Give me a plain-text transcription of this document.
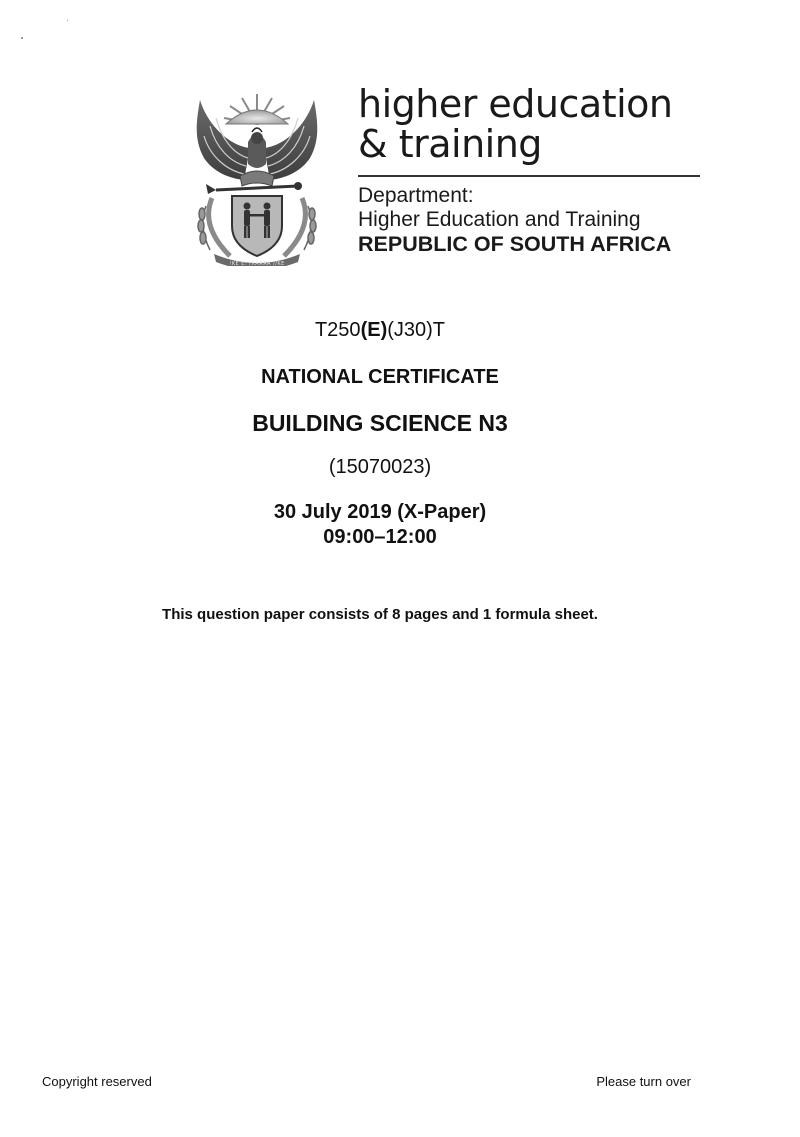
!KE E: /XARRA //KE
higher education
& training
Department:
Higher Education and Training
REPUBLIC OF SOUTH AFRICA
T250(E)(J30)T
NATIONAL CERTIFICATE
BUILDING SCIENCE N3
(15070023)
30 July 2019 (X-Paper)
09:00–12:00
This question paper consists of 8 pages and 1 formula sheet.
Copyright reserved	Please turn over
